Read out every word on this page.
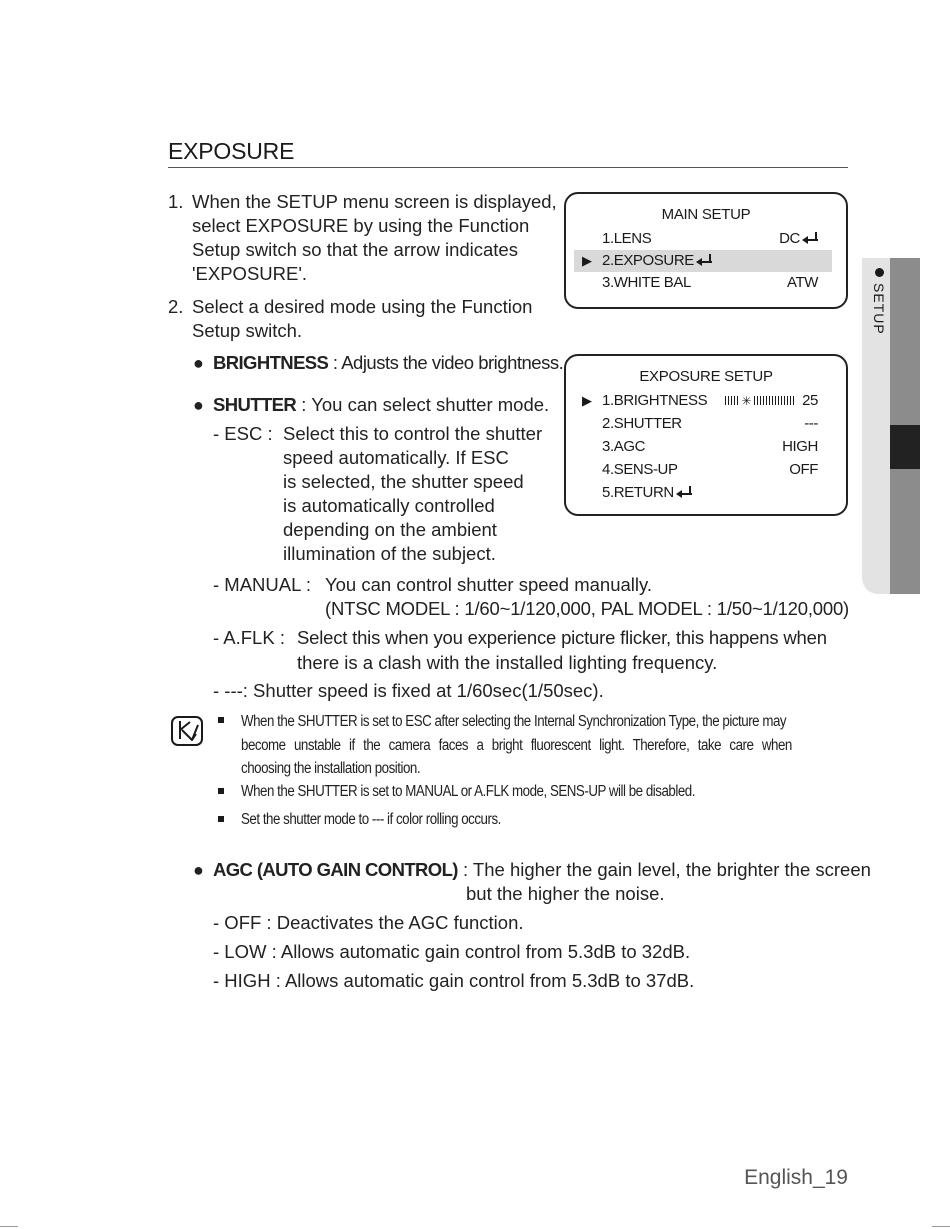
EXPOSURE
1. When the SETUP menu screen is displayed,
select EXPOSURE by using the Function
Setup switch so that the arrow indicates
'EXPOSURE'.
2. Select a desired mode using the Function
Setup switch.
● BRIGHTNESS : Adjusts the video brightness.
● SHUTTER : You can select shutter mode.
- ESC : Select this to control the shutter
speed automatically. If ESC
is selected, the shutter speed
is automatically controlled
depending on the ambient
illumination of the subject.
- MANUAL : You can control shutter speed manually.
(NTSC MODEL : 1/60~1/120,000, PAL MODEL : 1/50~1/120,000)
- A.FLK : Select this when you experience picture flicker, this happens when
there is a clash with the installed lighting frequency.
- ---: Shutter speed is fixed at 1/60sec(1/50sec).
When the SHUTTER is set to ESC after selecting the Internal Synchronization Type, the picture may
become unstable if the camera faces a bright fluorescent light. Therefore, take care when
choosing the installation position.
When the SHUTTER is set to MANUAL or A.FLK mode, SENS-UP will be disabled.
Set the shutter mode to --- if color rolling occurs.
● AGC (AUTO GAIN CONTROL) : The higher the gain level, the brighter the screen
but the higher the noise.
- OFF : Deactivates the AGC function.
- LOW : Allows automatic gain control from 5.3dB to 32dB.
- HIGH : Allows automatic gain control from 5.3dB to 37dB.
MAIN SETUP
1.LENS	DC
▶ 2.EXPOSURE
3.WHITE BAL	ATW
EXPOSURE SETUP
▶ 1.BRIGHTNESS	✳	25
2.SHUTTER	---
3.AGC	HIGH
4.SENS-UP	OFF
5.RETURN
SETUP
English_19
